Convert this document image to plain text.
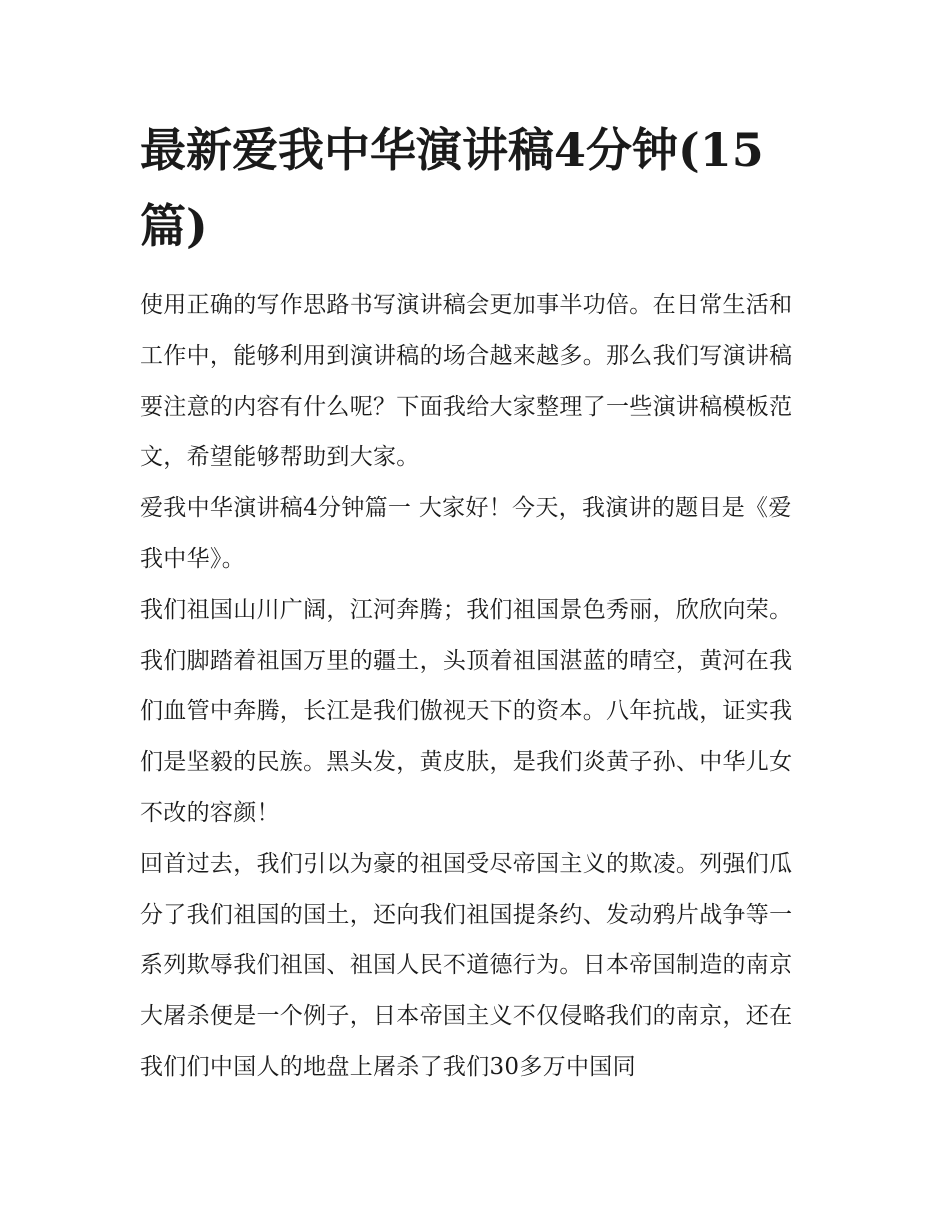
最新爱我中华演讲稿4分钟(15篇)

使用正确的写作思路书写演讲稿会更加事半功倍。在日常生活和工作中，能够利用到演讲稿的场合越来越多。那么我们写演讲稿要注意的内容有什么呢？下面我给大家整理了一些演讲稿模板范文，希望能够帮助到大家。

爱我中华演讲稿4分钟篇一 大家好！今天，我演讲的题目是《爱我中华》。

我们祖国山川广阔，江河奔腾；我们祖国景色秀丽，欣欣向荣。我们脚踏着祖国万里的疆土，头顶着祖国湛蓝的晴空，黄河在我们血管中奔腾，长江是我们傲视天下的资本。八年抗战，证实我们是坚毅的民族。黑头发，黄皮肤，是我们炎黄子孙、中华儿女不改的容颜！

回首过去，我们引以为豪的祖国受尽帝国主义的欺凌。列强们瓜分了我们祖国的国土，还向我们祖国提条约、发动鸦片战争等一系列欺辱我们祖国、祖国人民不道德行为。日本帝国制造的南京大屠杀便是一个例子，日本帝国主义不仅侵略我们的南京，还在我们们中国人的地盘上屠杀了我们30多万中国同
